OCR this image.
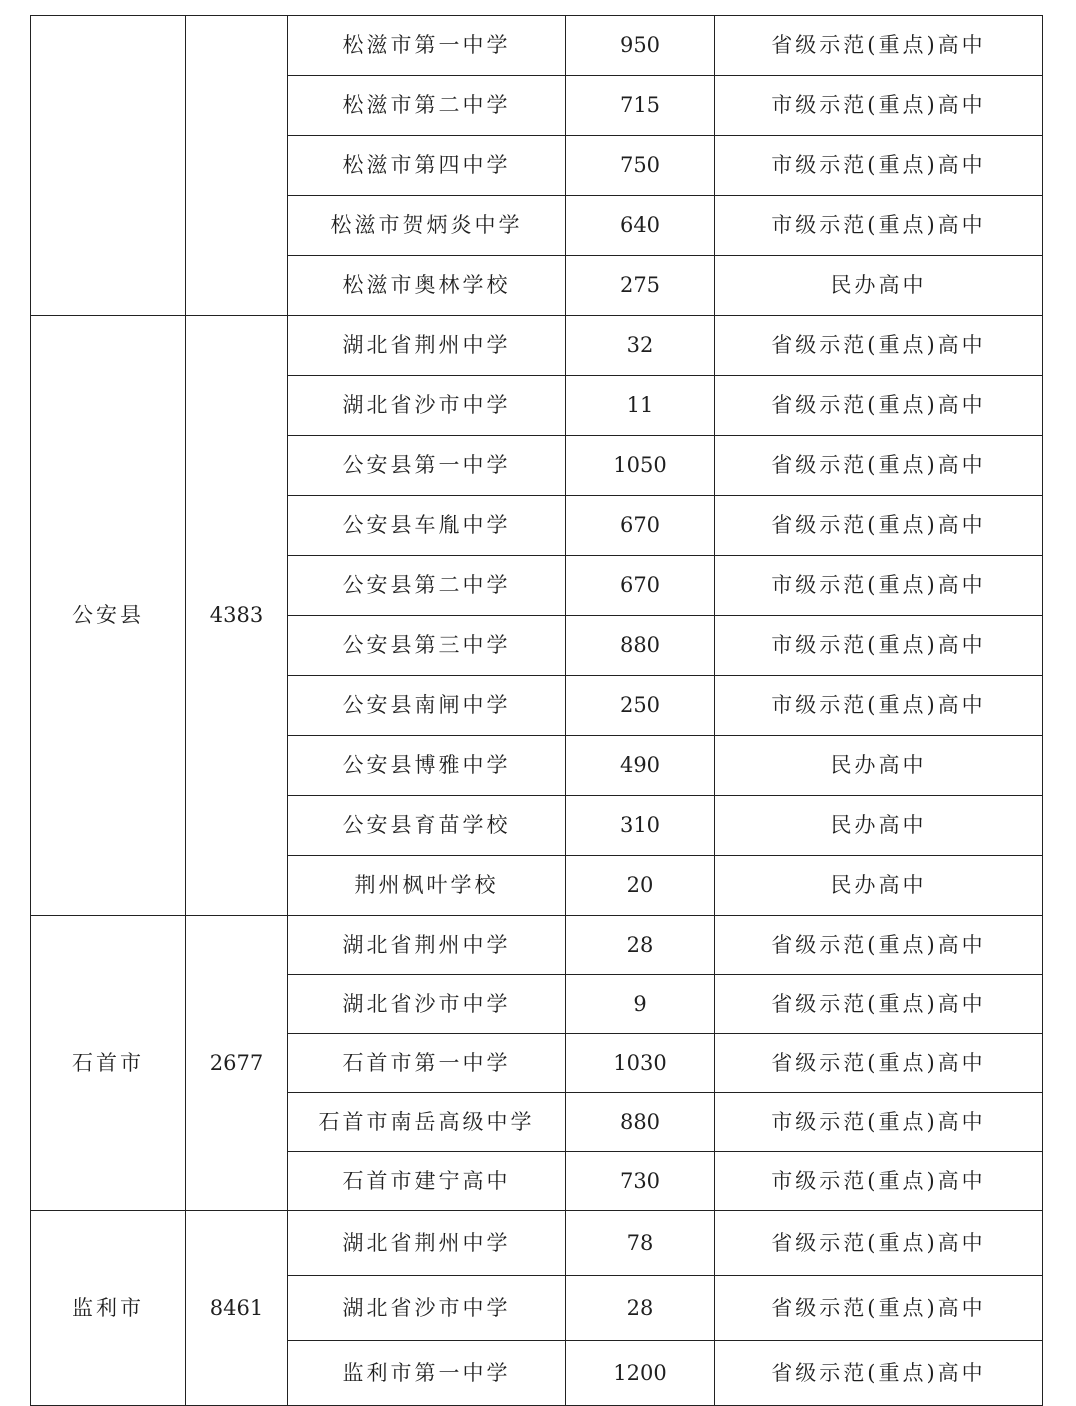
		松滋市第一中学	950	省级示范(重点)高中
		松滋市第二中学	715	市级示范(重点)高中
		松滋市第四中学	750	市级示范(重点)高中
		松滋市贺炳炎中学	640	市级示范(重点)高中
		松滋市奥林学校	275	民办高中
公安县	4383	湖北省荆州中学	32	省级示范(重点)高中
		湖北省沙市中学	11	省级示范(重点)高中
		公安县第一中学	1050	省级示范(重点)高中
		公安县车胤中学	670	省级示范(重点)高中
		公安县第二中学	670	市级示范(重点)高中
		公安县第三中学	880	市级示范(重点)高中
		公安县南闸中学	250	市级示范(重点)高中
		公安县博雅中学	490	民办高中
		公安县育苗学校	310	民办高中
		荆州枫叶学校	20	民办高中
石首市	2677	湖北省荆州中学	28	省级示范(重点)高中
		湖北省沙市中学	9	省级示范(重点)高中
		石首市第一中学	1030	省级示范(重点)高中
		石首市南岳高级中学	880	市级示范(重点)高中
		石首市建宁高中	730	市级示范(重点)高中
监利市	8461	湖北省荆州中学	78	省级示范(重点)高中
		湖北省沙市中学	28	省级示范(重点)高中
		监利市第一中学	1200	省级示范(重点)高中
